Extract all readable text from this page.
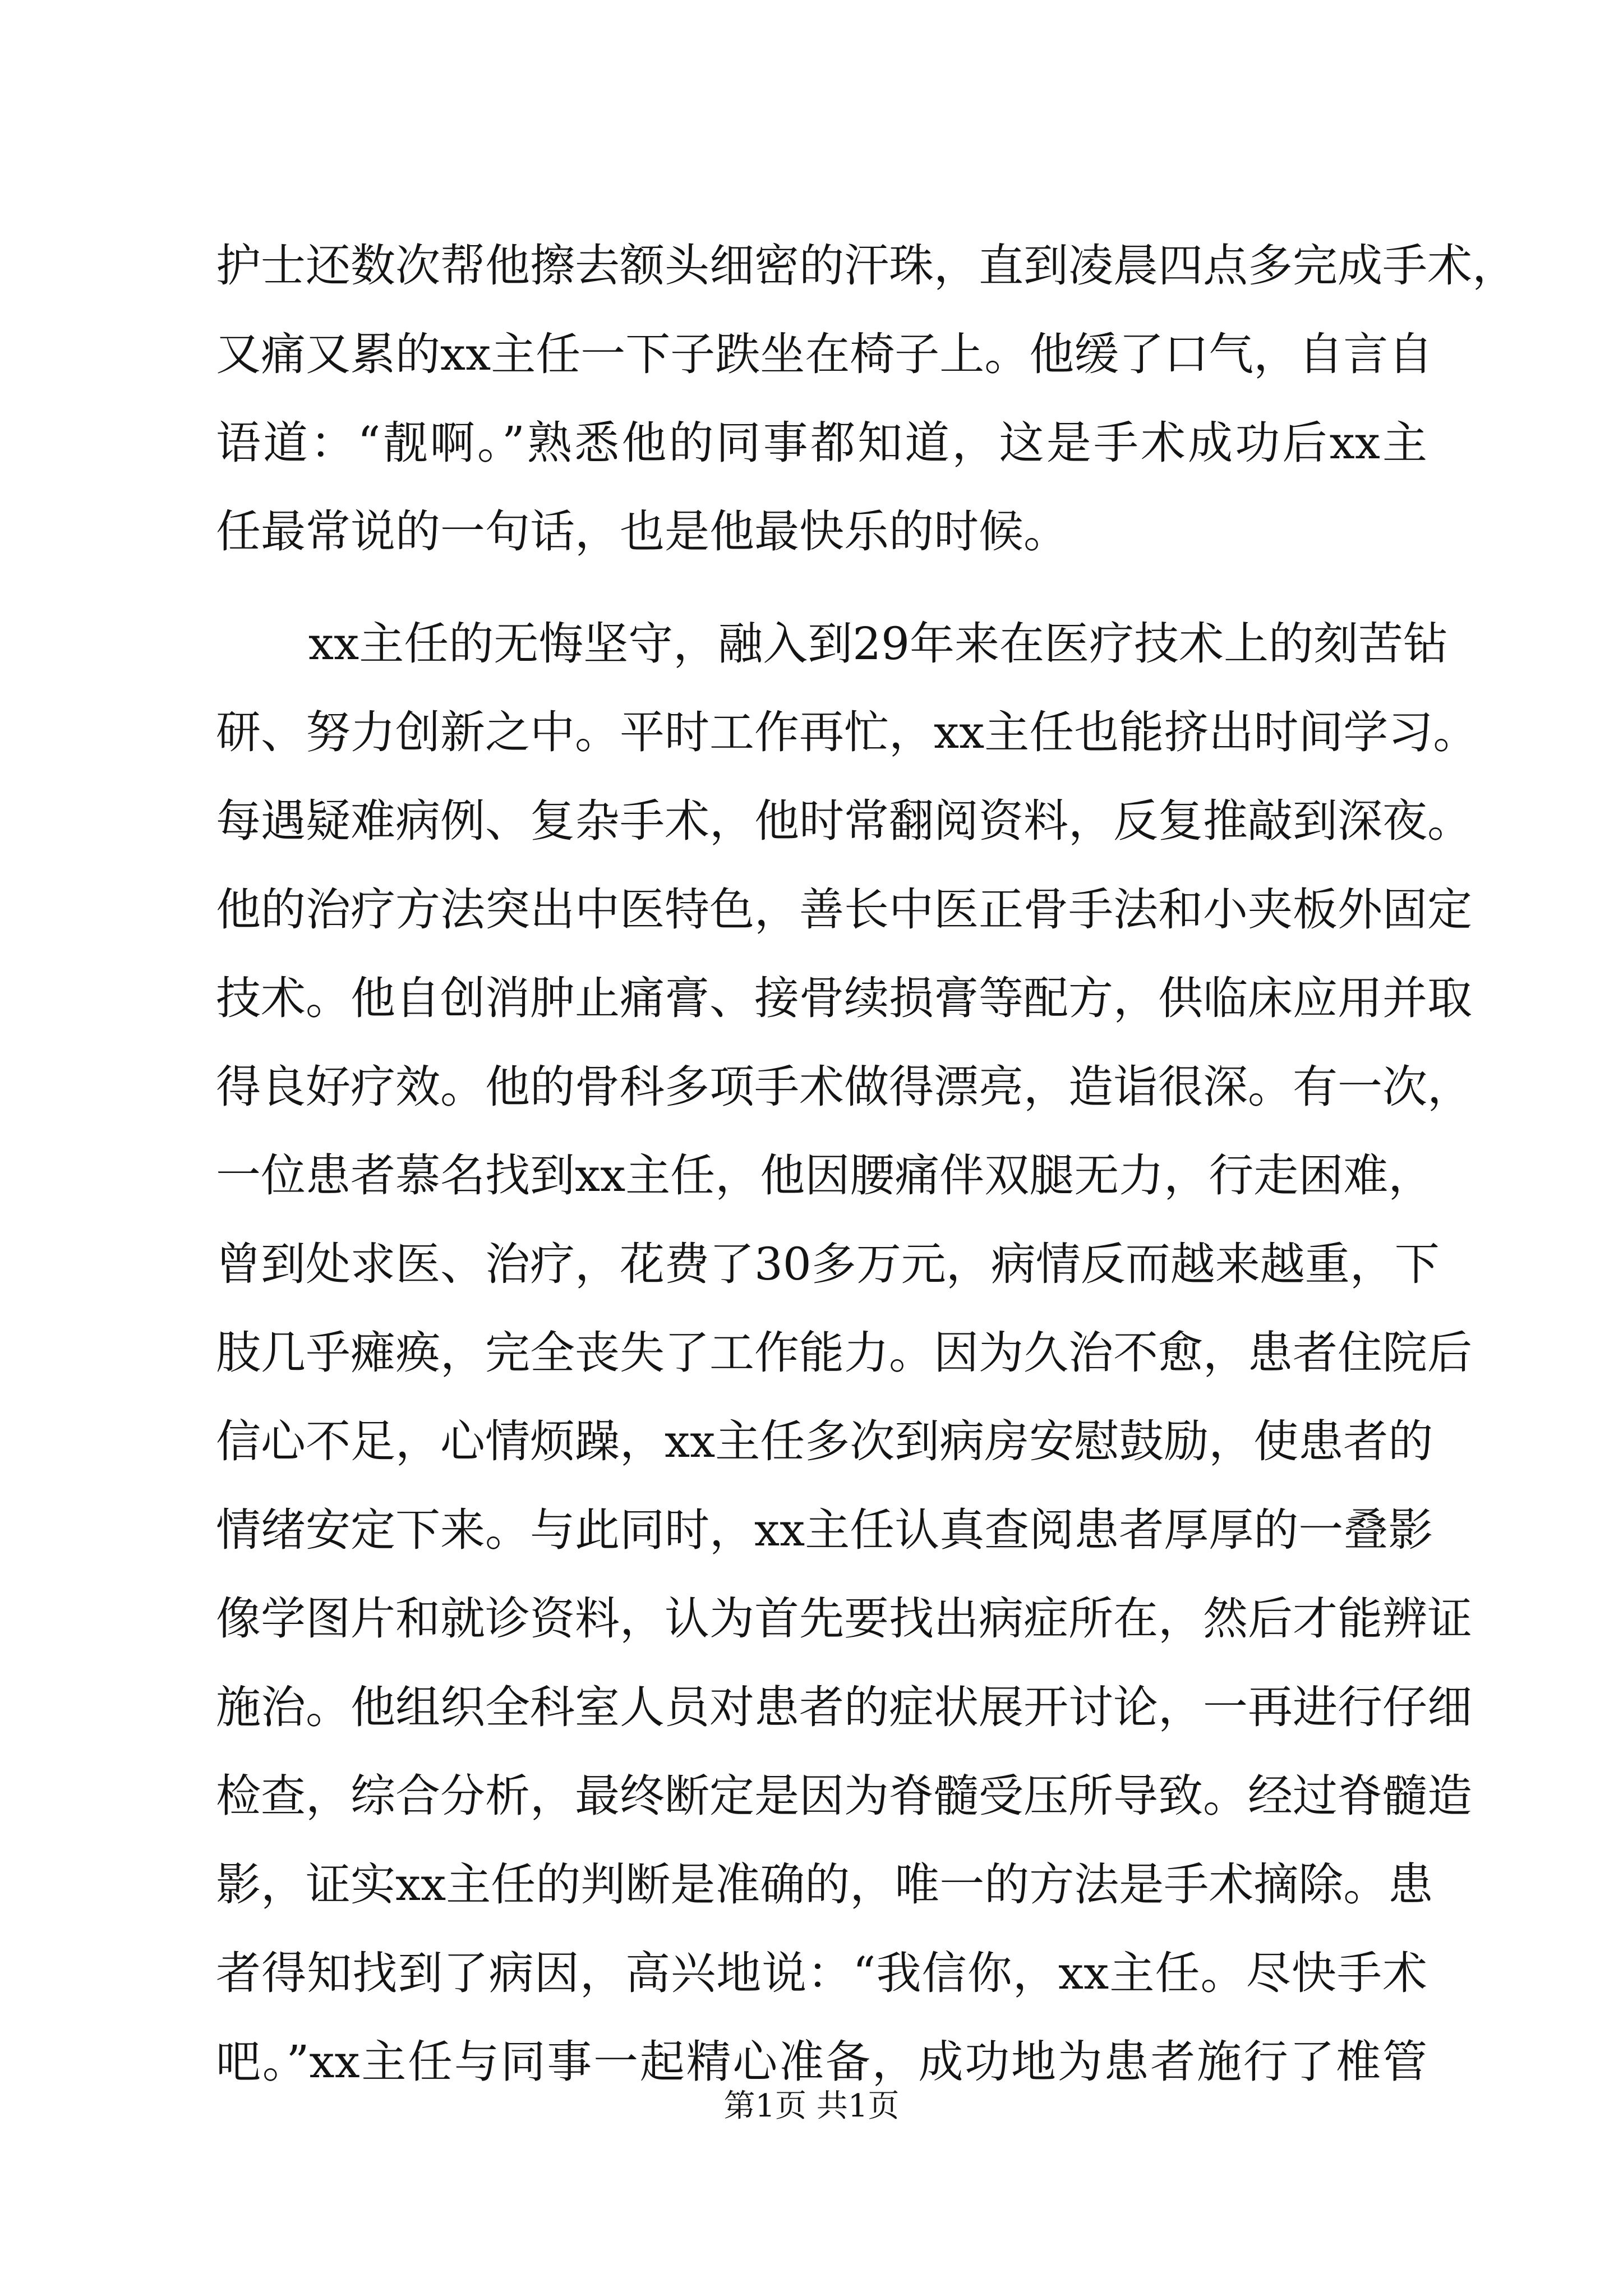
护士还数次帮他擦去额头细密的汗珠，直到凌晨四点多完成手术，
又痛又累的xx主任一下子跌坐在椅子上。他缓了口气，自言自
语道：“靓啊。”熟悉他的同事都知道，这是手术成功后xx主
任最常说的一句话，也是他最快乐的时候。
xx主任的无悔坚守，融入到29年来在医疗技术上的刻苦钻
研、努力创新之中。平时工作再忙，xx主任也能挤出时间学习。
每遇疑难病例、复杂手术，他时常翻阅资料，反复推敲到深夜。
他的治疗方法突出中医特色，善长中医正骨手法和小夹板外固定
技术。他自创消肿止痛膏、接骨续损膏等配方，供临床应用并取
得良好疗效。他的骨科多项手术做得漂亮，造诣很深。有一次，
一位患者慕名找到xx主任，他因腰痛伴双腿无力，行走困难，
曾到处求医、治疗，花费了30多万元，病情反而越来越重，下
肢几乎瘫痪，完全丧失了工作能力。因为久治不愈，患者住院后
信心不足，心情烦躁，xx主任多次到病房安慰鼓励，使患者的
情绪安定下来。与此同时，xx主任认真查阅患者厚厚的一叠影
像学图片和就诊资料，认为首先要找出病症所在，然后才能辨证
施治。他组织全科室人员对患者的症状展开讨论，一再进行仔细
检查，综合分析，最终断定是因为脊髓受压所导致。经过脊髓造
影，证实xx主任的判断是准确的，唯一的方法是手术摘除。患
者得知找到了病因，高兴地说：“我信你，xx主任。尽快手术
吧。”xx主任与同事一起精心准备，成功地为患者施行了椎管
第1页 共1页
